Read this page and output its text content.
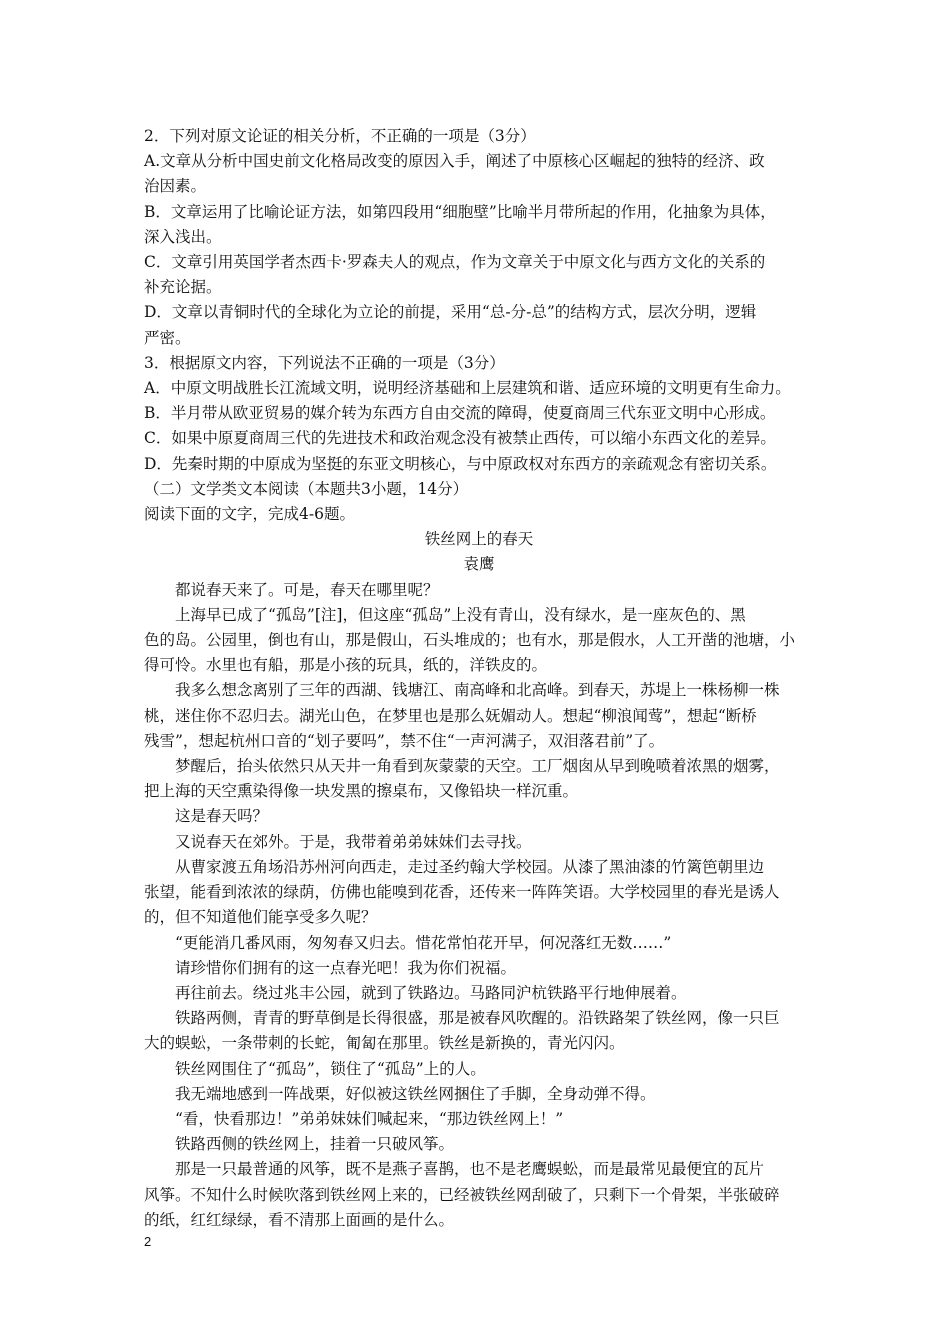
2．下列对原文论证的相关分析，不正确的一项是（3分）
A.文章从分析中国史前文化格局改变的原因入手，阐述了中原核心区崛起的独特的经济、政
治因素。
B．文章运用了比喻论证方法，如第四段用“细胞壁”比喻半月带所起的作用，化抽象为具体，
深入浅出。
C．文章引用英国学者杰西卡·罗森夫人的观点，作为文章关于中原文化与西方文化的关系的
补充论据。
D．文章以青铜时代的全球化为立论的前提，采用“总-分-总”的结构方式，层次分明，逻辑
严密。
3．根据原文内容，下列说法不正确的一项是（3分）
A．中原文明战胜长江流域文明，说明经济基础和上层建筑和谐、适应环境的文明更有生命力。
B．半月带从欧亚贸易的媒介转为东西方自由交流的障碍，使夏商周三代东亚文明中心形成。
C．如果中原夏商周三代的先进技术和政治观念没有被禁止西传，可以缩小东西文化的差异。
D．先秦时期的中原成为坚挺的东亚文明核心，与中原政权对东西方的亲疏观念有密切关系。
（二）文学类文本阅读（本题共3小题，14分）
阅读下面的文字，完成4-6题。
铁丝网上的春天
袁鹰
都说春天来了。可是，春天在哪里呢？
上海早已成了“孤岛”[注]，但这座“孤岛”上没有青山，没有绿水，是一座灰色的、黑
色的岛。公园里，倒也有山，那是假山，石头堆成的；也有水，那是假水，人工开凿的池塘，小
得可怜。水里也有船，那是小孩的玩具，纸的，洋铁皮的。
我多么想念离别了三年的西湖、钱塘江、南高峰和北高峰。到春天，苏堤上一株杨柳一株
桃，迷住你不忍归去。湖光山色，在梦里也是那么妩媚动人。想起“柳浪闻莺”，想起“断桥
残雪”，想起杭州口音的“划子要吗”，禁不住“一声河满子，双泪落君前”了。
梦醒后，抬头依然只从天井一角看到灰蒙蒙的天空。工厂烟囱从早到晚喷着浓黑的烟雾，
把上海的天空熏染得像一块发黑的擦桌布，又像铅块一样沉重。
这是春天吗？
又说春天在郊外。于是，我带着弟弟妹妹们去寻找。
从曹家渡五角场沿苏州河向西走，走过圣约翰大学校园。从漆了黑油漆的竹篱笆朝里边
张望，能看到浓浓的绿荫，仿佛也能嗅到花香，还传来一阵阵笑语。大学校园里的春光是诱人
的，但不知道他们能享受多久呢？
“更能消几番风雨，匆匆春又归去。惜花常怕花开早，何况落红无数……”
请珍惜你们拥有的这一点春光吧！我为你们祝福。
再往前去。绕过兆丰公园，就到了铁路边。马路同沪杭铁路平行地伸展着。
铁路两侧，青青的野草倒是长得很盛，那是被春风吹醒的。沿铁路架了铁丝网，像一只巨
大的蜈蚣，一条带刺的长蛇，匍匐在那里。铁丝是新换的，青光闪闪。
铁丝网围住了“孤岛”，锁住了“孤岛”上的人。
我无端地感到一阵战栗，好似被这铁丝网捆住了手脚，全身动弹不得。
“看，快看那边！”弟弟妹妹们喊起来，“那边铁丝网上！”
铁路西侧的铁丝网上，挂着一只破风筝。
那是一只最普通的风筝，既不是燕子喜鹊，也不是老鹰蜈蚣，而是最常见最便宜的瓦片
风筝。不知什么时候吹落到铁丝网上来的，已经被铁丝网刮破了，只剩下一个骨架，半张破碎
的纸，红红绿绿，看不清那上面画的是什么。
2
